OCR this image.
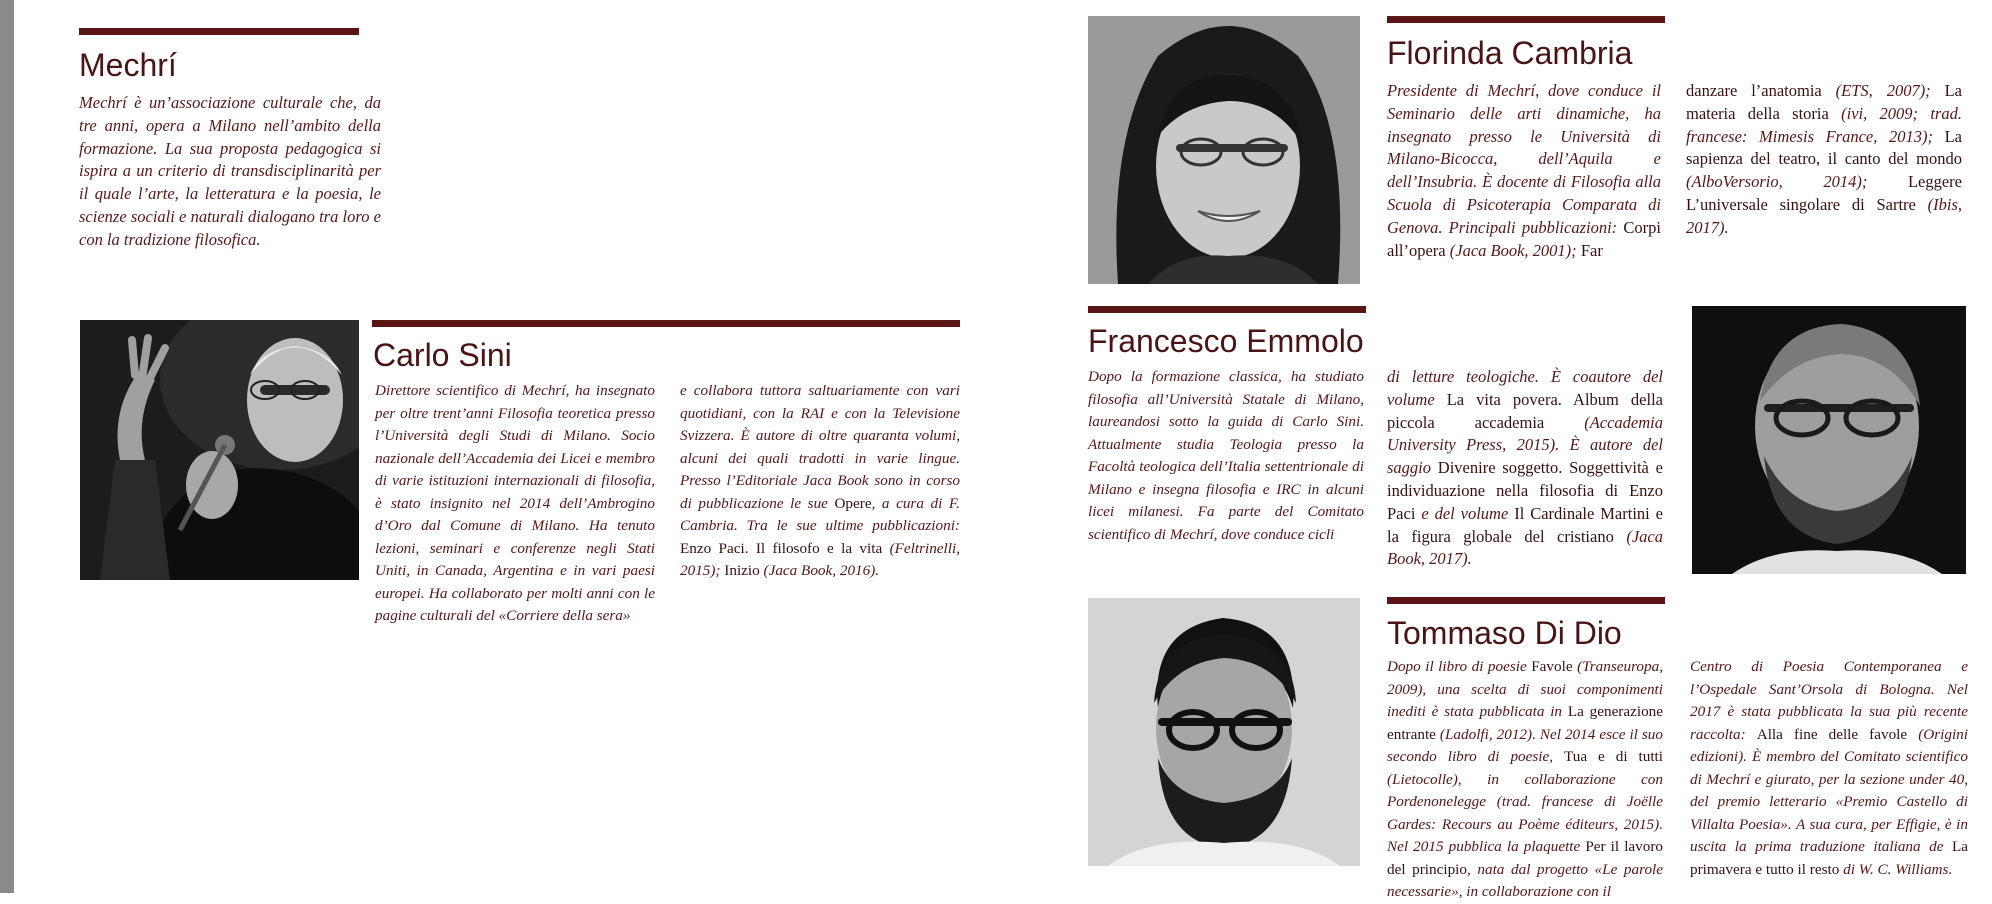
Mechrí

Mechrí è un’associazione culturale che, da tre anni, opera a Milano nell’ambito della formazione. La sua proposta pedagogica si ispira a un criterio di transdisciplinarità per il quale l’arte, la letteratura e la poesia, le scienze sociali e naturali dialogano tra loro e con la tradizione filosofica.

Carlo Sini

Direttore scientifico di Mechrí, ha insegnato per oltre trent’anni Filosofia teoretica presso l’Università degli Studi di Milano. Socio nazionale dell’Accademia dei Licei e membro di varie istituzioni internazionali di filosofia, è stato insignito nel 2014 dell’Ambrogino d’Oro dal Comune di Milano. Ha tenuto lezioni, seminari e conferenze negli Stati Uniti, in Canada, Argentina e in vari paesi europei. Ha collaborato per molti anni con le pagine culturali del «Corriere della sera»

e collabora tuttora saltuariamente con vari quotidiani, con la RAI e con la Televisione Svizzera. È autore di oltre quaranta volumi, alcuni dei quali tradotti in varie lingue. Presso l’Editoriale Jaca Book sono in corso di pubblicazione le sue Opere, a cura di F. Cambria. Tra le sue ultime pubblicazioni: Enzo Paci. Il filosofo e la vita (Feltrinelli, 2015); Inizio (Jaca Book, 2016).

Florinda Cambria

Presidente di Mechrí, dove conduce il Seminario delle arti dinamiche, ha insegnato presso le Università di Milano-Bicocca, dell’Aquila e dell’Insubria. È docente di Filosofia alla Scuola di Psicoterapia Comparata di Genova. Principali pubblicazioni: Corpi all’opera (Jaca Book, 2001); Far

danzare l’anatomia (ETS, 2007); La materia della storia (ivi, 2009; trad. francese: Mimesis France, 2013); La sapienza del teatro, il canto del mondo (AlboVersorio, 2014); Leggere L’universale singolare di Sartre (Ibis, 2017).

Francesco Emmolo

Dopo la formazione classica, ha studiato filosofia all’Università Statale di Milano, laureandosi sotto la guida di Carlo Sini. Attualmente studia Teologia presso la Facoltà teologica dell’Italia settentrionale di Milano e insegna filosofia e IRC in alcuni licei milanesi. Fa parte del Comitato scientifico di Mechrí, dove conduce cicli

di letture teologiche. È coautore del volume La vita povera. Album della piccola accademia (Accademia University Press, 2015). È autore del saggio Divenire soggetto. Soggettività e individuazione nella filosofia di Enzo Paci e del volume Il Cardinale Martini e la figura globale del cristiano (Jaca Book, 2017).

Tommaso Di Dio

Dopo il libro di poesie Favole (Transeuropa, 2009), una scelta di suoi componimenti inediti è stata pubblicata in La generazione entrante (Ladolfi, 2012). Nel 2014 esce il suo secondo libro di poesie, Tua e di tutti (Lietocolle), in collaborazione con Pordenonelegge (trad. francese di Joëlle Gardes: Recours au Poème éditeurs, 2015). Nel 2015 pubblica la plaquette Per il lavoro del principio, nata dal progetto «Le parole necessarie», in collaborazione con il

Centro di Poesia Contemporanea e l’Ospedale Sant’Orsola di Bologna. Nel 2017 è stata pubblicata la sua più recente raccolta: Alla fine delle favole (Origini edizioni). È membro del Comitato scientifico di Mechrí e giurato, per la sezione under 40, del premio letterario «Premio Castello di Villalta Poesia». A sua cura, per Effigie, è in uscita la prima traduzione italiana de La primavera e tutto il resto di W. C. Williams.
